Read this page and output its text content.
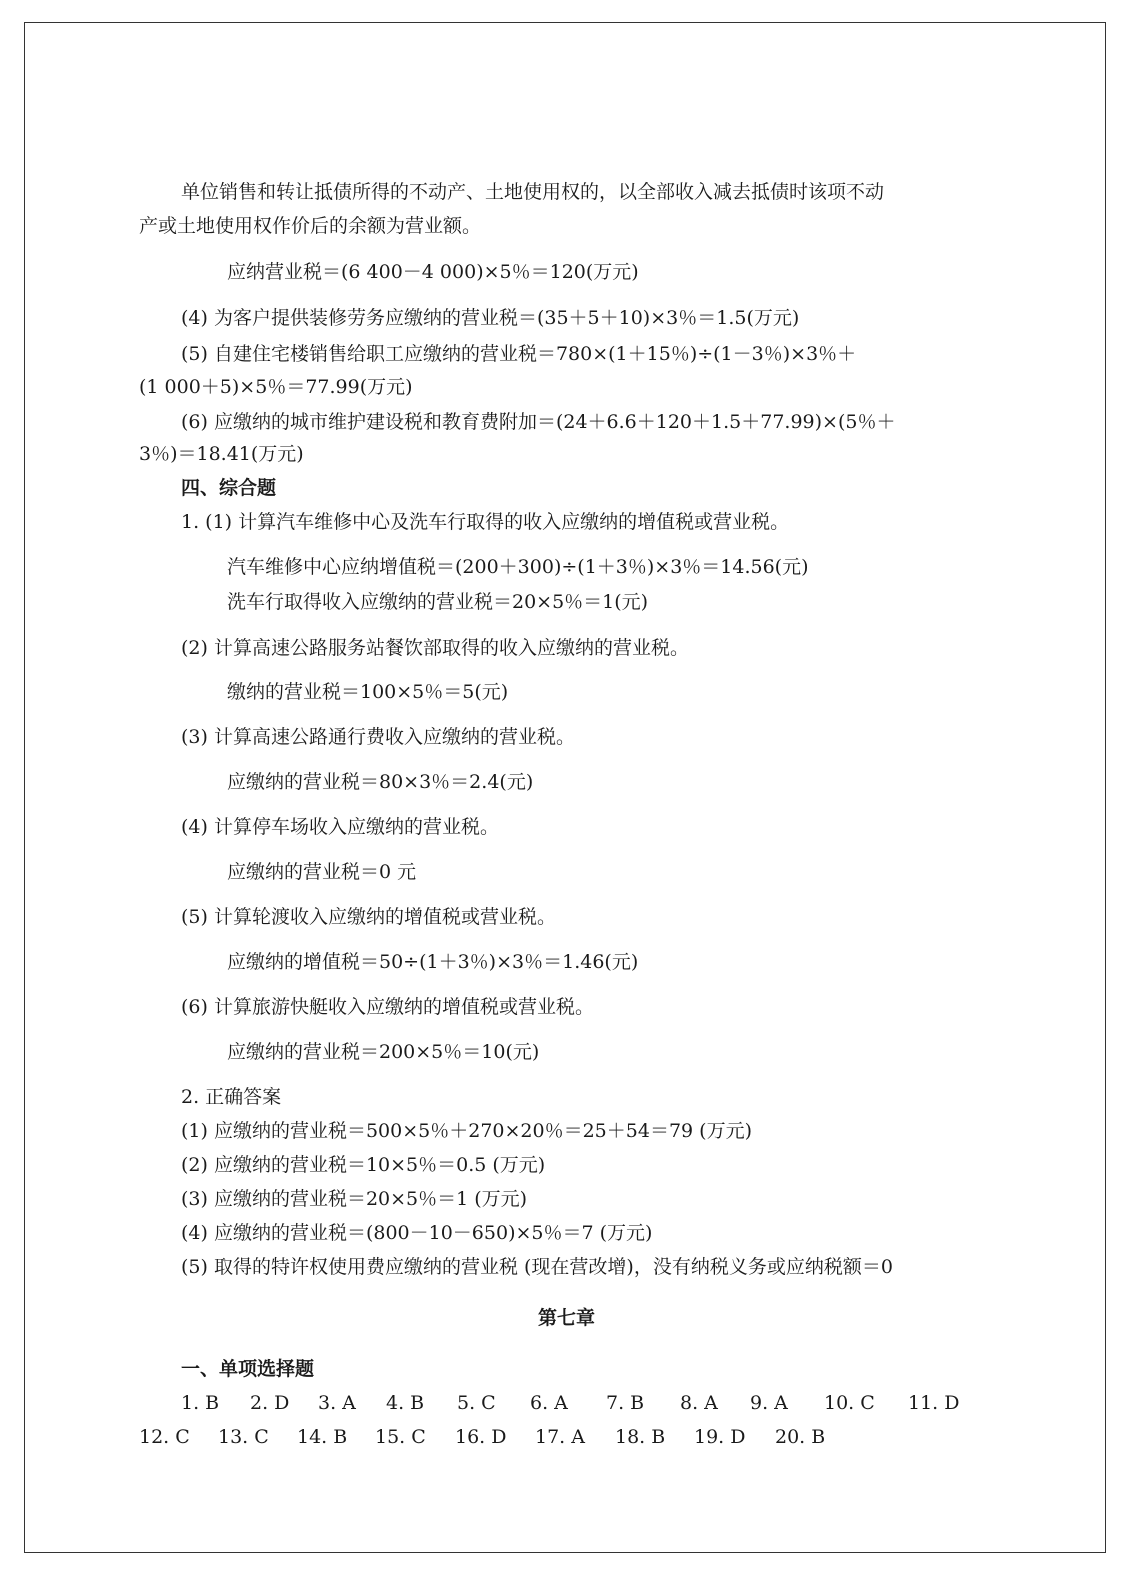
单位销售和转让抵债所得的不动产、土地使用权的，以全部收入减去抵债时该项不动
产或土地使用权作价后的余额为营业额。
应纳营业税＝(6 400－4 000)×5％＝120(万元)
(4) 为客户提供装修劳务应缴纳的营业税＝(35＋5＋10)×3％＝1.5(万元)
(5) 自建住宅楼销售给职工应缴纳的营业税＝780×(1＋15％)÷(1－3％)×3％＋
(1 000＋5)×5％＝77.99(万元)
(6) 应缴纳的城市维护建设税和教育费附加＝(24＋6.6＋120＋1.5＋77.99)×(5％＋
3％)＝18.41(万元)
四、综合题
1. (1) 计算汽车维修中心及洗车行取得的收入应缴纳的增值税或营业税。
汽车维修中心应纳增值税＝(200＋300)÷(1＋3％)×3％＝14.56(元)
洗车行取得收入应缴纳的营业税＝20×5％＝1(元)
(2) 计算高速公路服务站餐饮部取得的收入应缴纳的营业税。
缴纳的营业税＝100×5％＝5(元)
(3) 计算高速公路通行费收入应缴纳的营业税。
应缴纳的营业税＝80×3％＝2.4(元)
(4) 计算停车场收入应缴纳的营业税。
应缴纳的营业税＝0 元
(5) 计算轮渡收入应缴纳的增值税或营业税。
应缴纳的增值税＝50÷(1＋3％)×3％＝1.46(元)
(6) 计算旅游快艇收入应缴纳的增值税或营业税。
应缴纳的营业税＝200×5％＝10(元)
2. 正确答案
(1) 应缴纳的营业税＝500×5％＋270×20％＝25＋54＝79 (万元)
(2) 应缴纳的营业税＝10×5％＝0.5 (万元)
(3) 应缴纳的营业税＝20×5％＝1 (万元)
(4) 应缴纳的营业税＝(800－10－650)×5％＝7 (万元)
(5) 取得的特许权使用费应缴纳的营业税 (现在营改增)，没有纳税义务或应纳税额＝0
第七章
一、单项选择题
1. B 2. D 3. A 4. B 5. C 6. A 7. B 8. A 9. A 10. C 11. D
12. C 13. C 14. B 15. C 16. D 17. A 18. B 19. D 20. B
